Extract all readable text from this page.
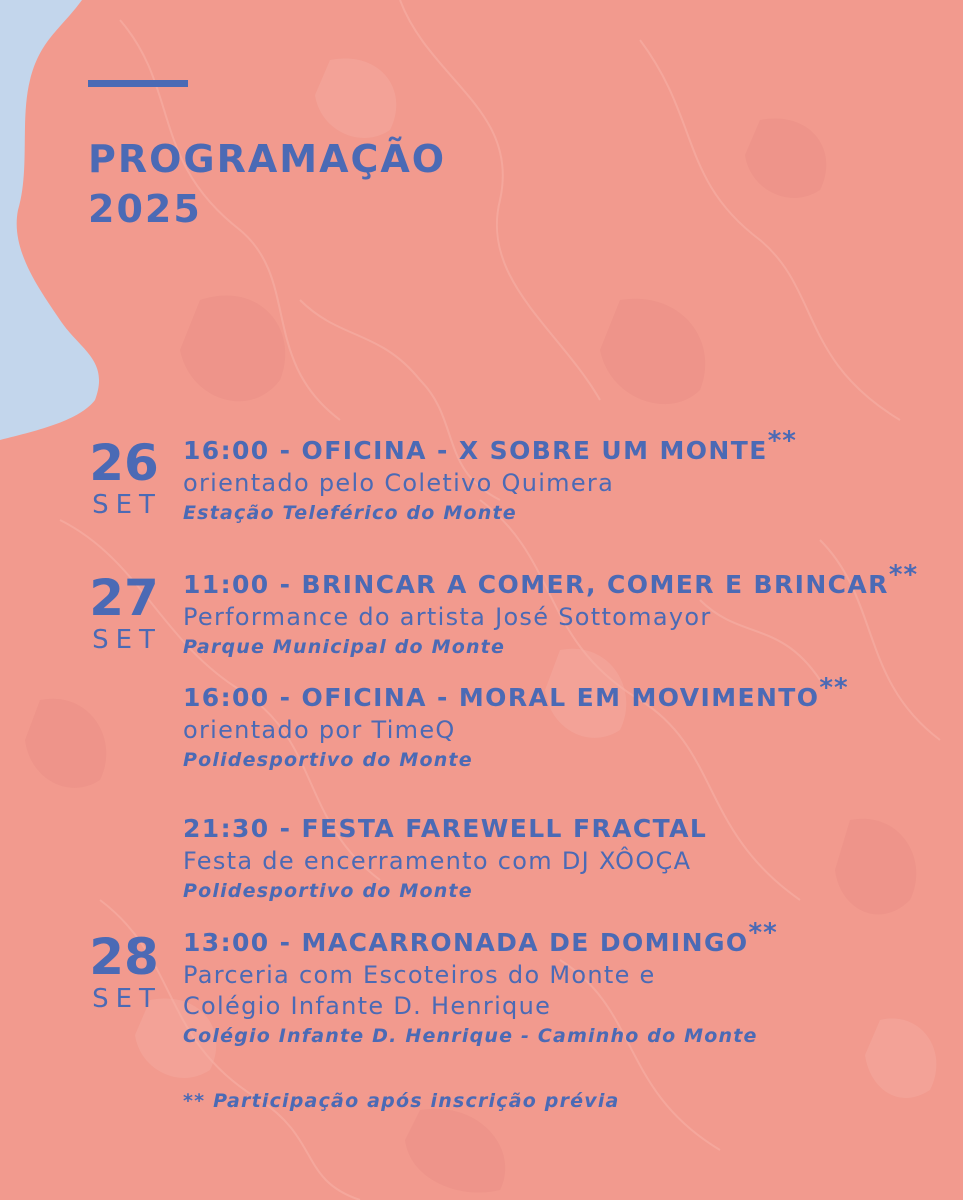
PROGRAMAÇÃO
2025
26
SET
27
SET
28
SET
16:00 - OFICINA - X SOBRE UM MONTE**
orientado pelo Coletivo Quimera
Estação Teleférico do Monte
11:00 - BRINCAR A COMER, COMER E BRINCAR**
Performance do artista José Sottomayor
Parque Municipal do Monte
16:00 - OFICINA - MORAL EM MOVIMENTO**
orientado por TimeQ
Polidesportivo do Monte
21:30 - FESTA FAREWELL FRACTAL
Festa de encerramento com DJ XÔOÇA
Polidesportivo do Monte
13:00 - MACARRONADA DE DOMINGO**
Parceria com Escoteiros do Monte e
Colégio Infante D. Henrique
Colégio Infante D. Henrique - Caminho do Monte
** Participação após inscrição prévia
